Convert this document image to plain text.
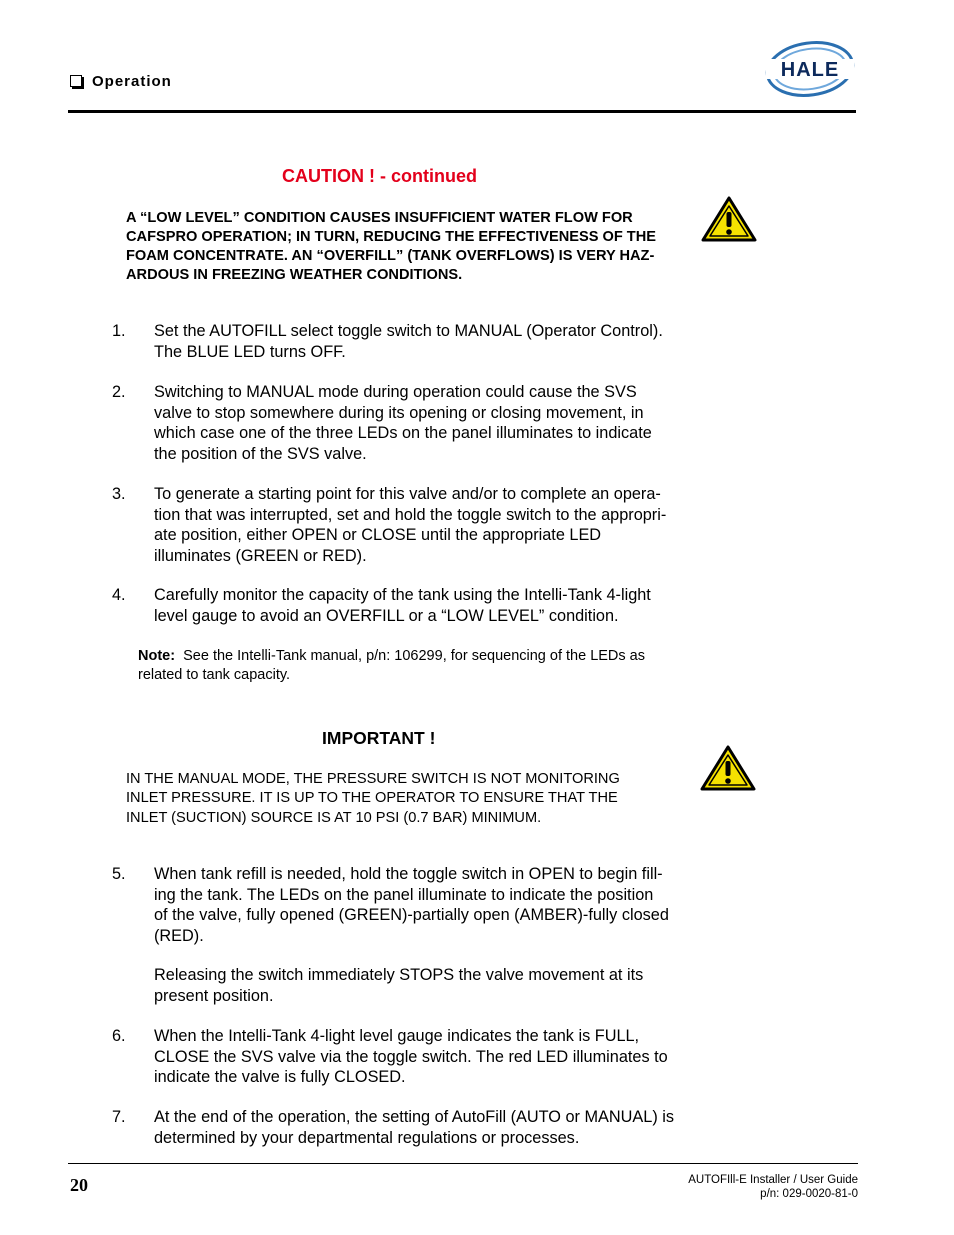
Operation
HALE
CAUTION ! - continued
A “LOW LEVEL” CONDITION CAUSES INSUFFICIENT WATER FLOW FOR
CAFSPRO OPERATION; IN TURN, REDUCING THE EFFECTIVENESS OF THE
FOAM CONCENTRATE. AN “OVERFILL” (TANK OVERFLOWS) IS VERY HAZ-
ARDOUS IN FREEZING WEATHER CONDITIONS.
1. Set the AUTOFILL select toggle switch to MANUAL (Operator Control).
The BLUE LED turns OFF.
2. Switching to MANUAL mode during operation could cause the SVS
valve to stop somewhere during its opening or closing movement, in
which case one of the three LEDs on the panel illuminates to indicate
the position of the SVS valve.
3. To generate a starting point for this valve and/or to complete an opera-
tion that was interrupted, set and hold the toggle switch to the appropri-
ate position, either OPEN or CLOSE until the appropriate LED
illuminates (GREEN or RED).
4. Carefully monitor the capacity of the tank using the Intelli-Tank 4-light
level gauge to avoid an OVERFILL or a “LOW LEVEL” condition.
Note: See the Intelli-Tank manual, p/n: 106299, for sequencing of the LEDs as
related to tank capacity.
IMPORTANT !
IN THE MANUAL MODE, THE PRESSURE SWITCH IS NOT MONITORING
INLET PRESSURE. IT IS UP TO THE OPERATOR TO ENSURE THAT THE
INLET (SUCTION) SOURCE IS AT 10 PSI (0.7 BAR) MINIMUM.
5. When tank refill is needed, hold the toggle switch in OPEN to begin fill-
ing the tank. The LEDs on the panel illuminate to indicate the position
of the valve, fully opened (GREEN)-partially open (AMBER)-fully closed
(RED).
Releasing the switch immediately STOPS the valve movement at its
present position.
6. When the Intelli-Tank 4-light level gauge indicates the tank is FULL,
CLOSE the SVS valve via the toggle switch. The red LED illuminates to
indicate the valve is fully CLOSED.
7. At the end of the operation, the setting of AutoFill (AUTO or MANUAL) is
determined by your departmental regulations or processes.
20	AUTOFIll-E Installer / User Guide
p/n: 029-0020-81-0
